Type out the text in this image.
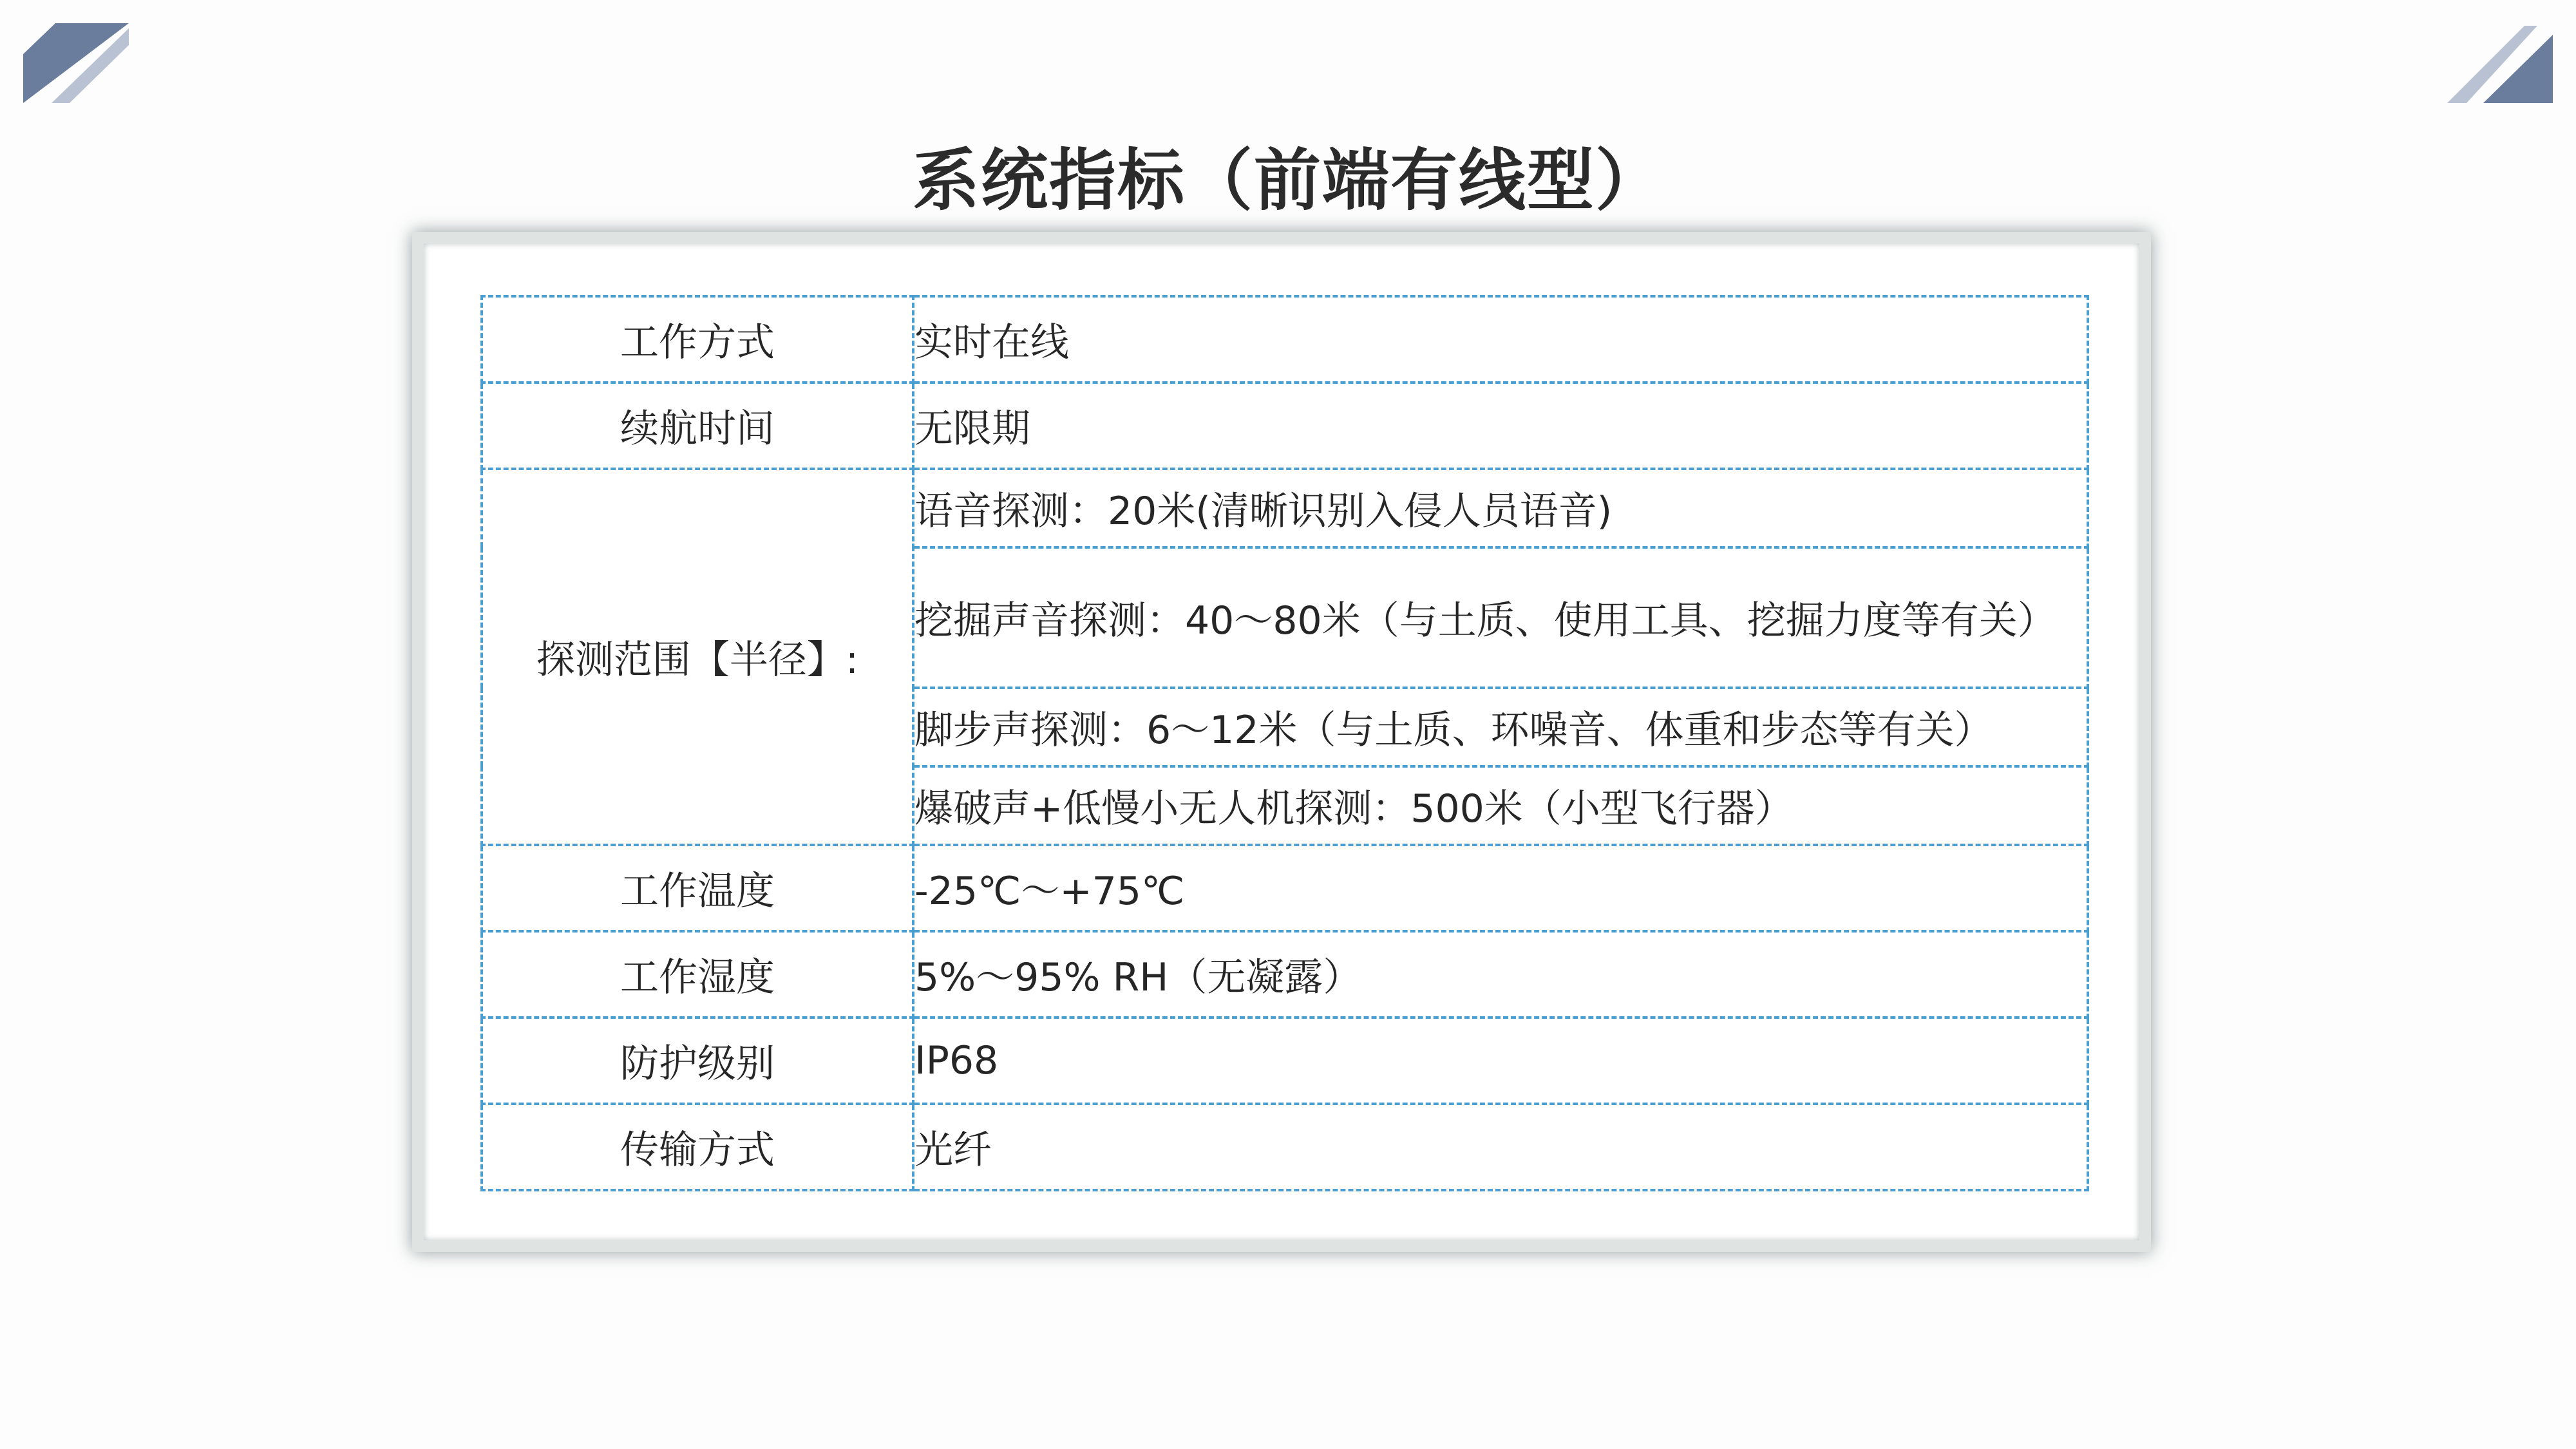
系统指标（前端有线型）
工作方式	实时在线
续航时间	无限期
探测范围【半径】:	语音探测：20米(清晰识别入侵人员语音)
	挖掘声音探测：40～80米（与土质、使用工具、挖掘力度等有关）
	脚步声探测：6～12米（与土质、环噪音、体重和步态等有关）
	爆破声+低慢小无人机探测：500米（小型飞行器）
工作温度	-25℃～+75℃
工作湿度	5%～95% RH（无凝露）
防护级别	IP68
传输方式	光纤
